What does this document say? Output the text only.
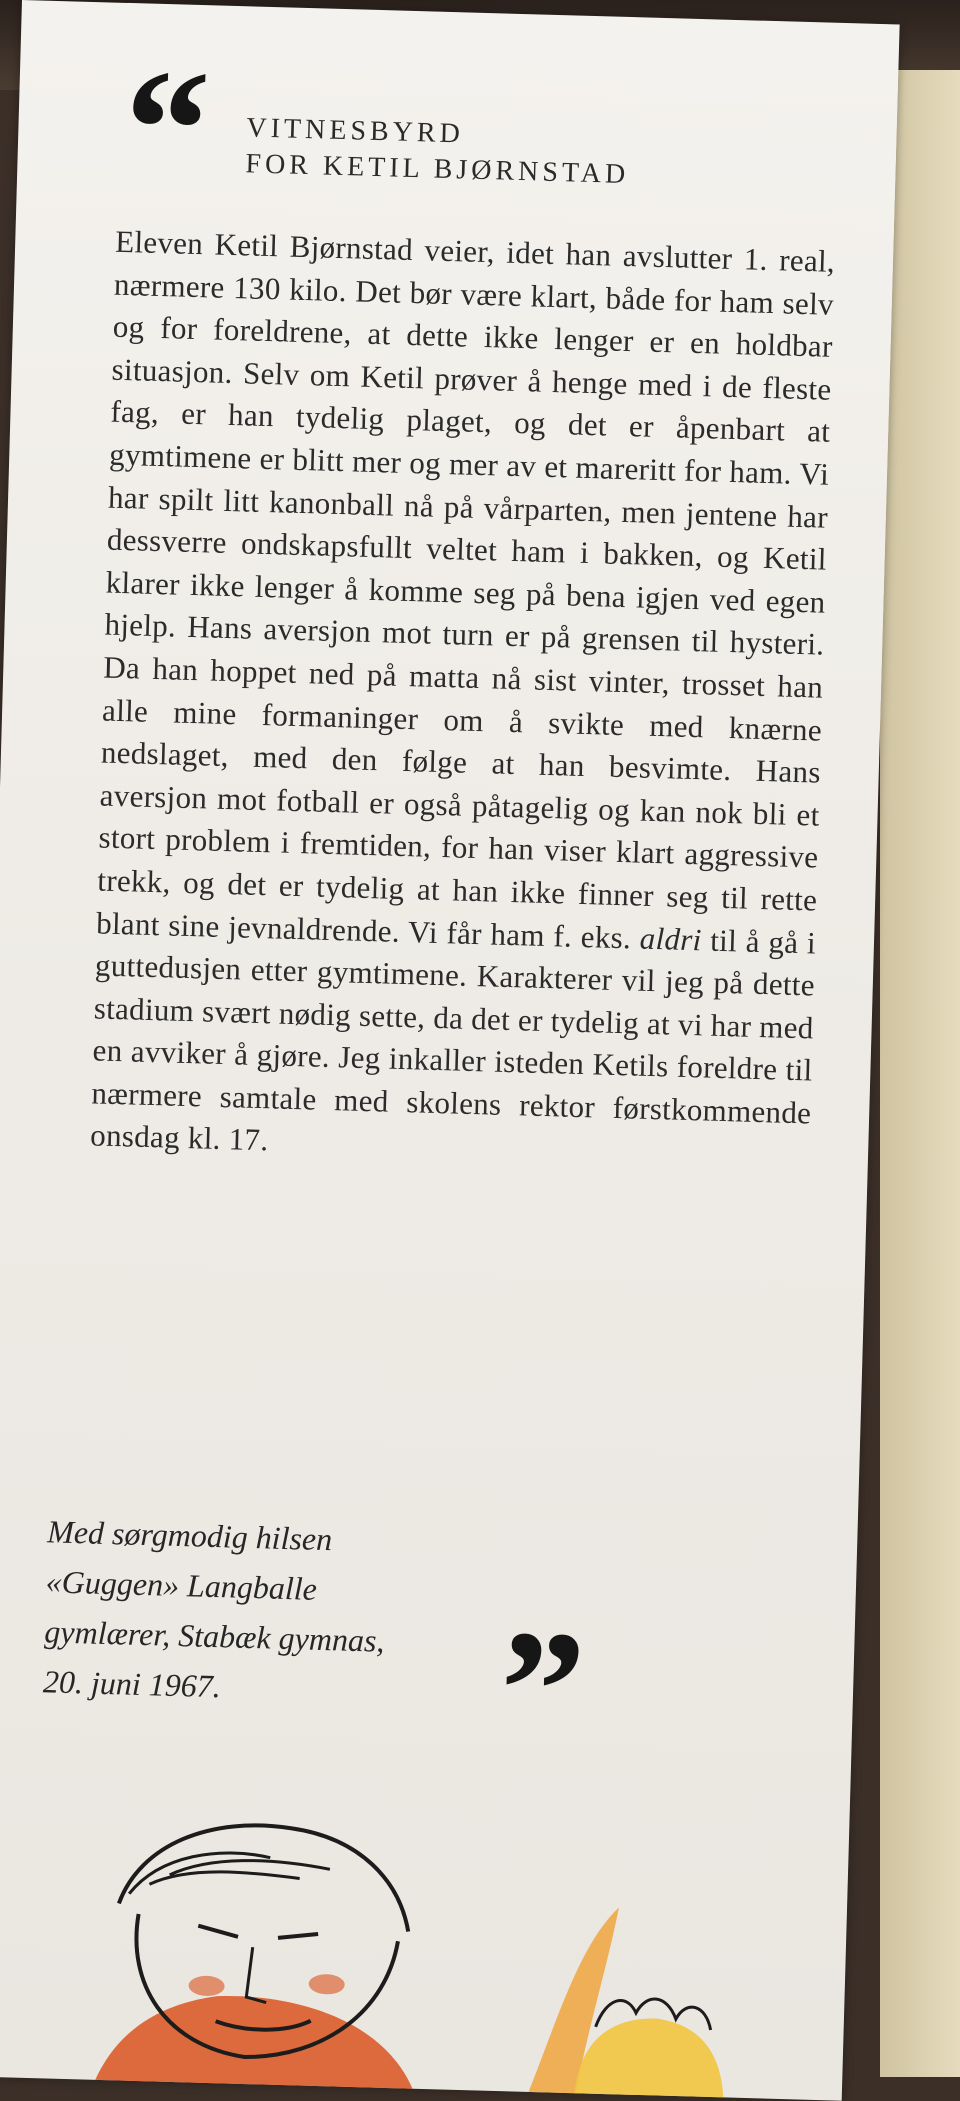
“ VITNESBYRD
FOR KETIL BJØRNSTAD
Eleven Ketil Bjørnstad veier, idet han avslutter 1. real, nærmere 130 kilo. Det bør være klart, både for ham selv og for foreldrene, at dette ikke lenger er en holdbar situasjon. Selv om Ketil prøver å henge med i de fleste fag, er han tydelig plaget, og det er åpenbart at gymtimene er blitt mer og mer av et mareritt for ham. Vi har spilt litt kanonball nå på vårparten, men jentene har dessverre ondskapsfullt veltet ham i bakken, og Ketil klarer ikke lenger å komme seg på bena igjen ved egen hjelp. Hans aversjon mot turn er på grensen til hysteri. Da han hoppet ned på matta nå sist vinter, trosset han alle mine formaninger om å svikte med knærne nedslaget, med den følge at han besvimte. Hans aversjon mot fotball er også påtagelig og kan nok bli et stort problem i fremtiden, for han viser klart aggressive trekk, og det er tydelig at han ikke finner seg til rette blant sine jevnaldrende. Vi får ham f. eks. aldri til å gå i guttedusjen etter gymtimene. Karakterer vil jeg på dette stadium svært nødig sette, da det er tydelig at vi har med en avviker å gjøre. Jeg inkaller isteden Ketils foreldre til nærmere samtale med skolens rektor førstkommende onsdag kl. 17.
Med sørgmodig hilsen
«Guggen» Langballe
gymlærer, Stabæk gymnas,
20. juni 1967.	”
